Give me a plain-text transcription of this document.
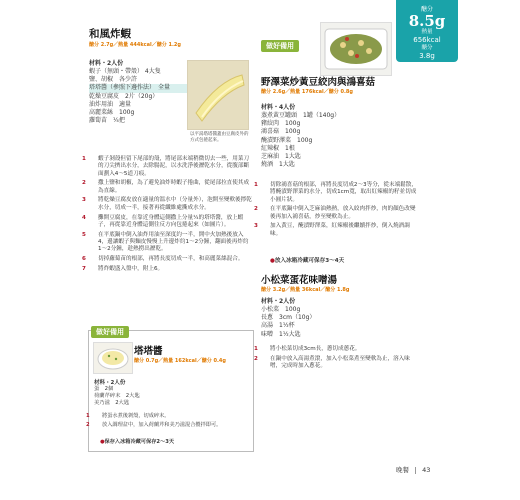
醣分
8.5g
熱量
656kcal
醣分
3.8g
和風炸蝦
醣分 2.7g／熱量 444kcal／醣分 1.2g
材料・2人份
蝦子（無頭・帶殼） 4大隻
鹽、胡椒　各少許
塔塔醬（參照下邊作法）　全量
乾燥豆腐皮　2片（20g）
油炸用油　適量
高麗菜絲　100g
蘿蔔苗　¼把
以平湯塔塔醬蓋由豆腐皮外的方式包捲起來。
1 蝦子剝殼但留下尾部的殼，將尾部末端稍微切去一些，用菜刀的刀尖擠出水分，去除腸泥，以水洗淨後瀝乾水分，從腹部斷面劃入4～5道刀痕。
2 撒上鹽和胡椒，為了避免油炸時蝦子捲曲，從尾部拉直使其成為直線。
3 將乾燥豆腐皮放在適量的溫水中（分量外），泡開至變軟後擰乾水分，切成一半，接著再從纖維處撕成水分。
4 攤開豆腐皮，在靠近身體這側撒上分量¼的塔塔醬，放上蝦子，再從靠近身體這側往反方向包捲起來（如圖片）。
5 在平底鍋中倒入油炸用油至深度約一半，開中火加熱後放入4，邊讓蝦子與麵皮慢慢上升邊炸約1～2分鐘，翻面後再炸約1～2分鐘，趁熱撈出瀝乾。
6 切掉蘿蔔苗的根部，再將長度切成一半，和高麗菜絲混合。
7 將炸蝦盛入盤中，附上6。
做好備用
野澤菜炒黃豆絞肉與鴻喜菇
醣分 2.6g／熱量 176kcal／醣分 0.8g
材料・4人份
蒸煮黃豆罐頭　1罐（140g）
豬絞肉　100g
鴻喜菇　100g
醃漬野澤菜　100g
紅辣椒　1根
芝麻油　1大匙
燒酒　1大匙
1 切除鴻喜菇的根部，再將長度切成2～3等分，從末端鬆散，將醃漬野澤菜的水分，切成1cm寬，取出紅辣椒的籽並切成小圓片狀。
2 在平底鍋中倒入芝麻油熱熱，放入絞肉拌炒，肉的顏色改變後再加入鴻喜菇，炒至變軟為止。
3 加入黃豆，醃漬野澤菜，紅辣椒後繼續拌炒，倒入燒酒調味。
●放入冰箱冷藏可保存3～4天
小松菜蛋花味噌湯
醣分 3.2g／熱量 36kcal／醣分 1.8g
材料・2人份
小松菜　100g
長蔥　3cm（10g）
高湯　1½杯
味噌　1½大匙
1 將小松菜切成3cm長，蔥切成蔥花。
2 在鍋中放入高湯煮滾，加入小松菜煮至變軟為止，溶入味噌，完成時加入蔥花。
做好備用
塔塔醬
醣分 0.7g／熱量 162kcal／醣分 0.4g
材料・2人份
蛋　2個
荷蘭芹碎末　2大匙
美乃滋　2大匙
1 將蛋水煮後剝殼，切成碎末。
2 放入調理盆中，加入荷蘭芹和美乃滋混合攪拌即可。
●保存入冰箱冷藏可保存2～3天
晚餐 43
